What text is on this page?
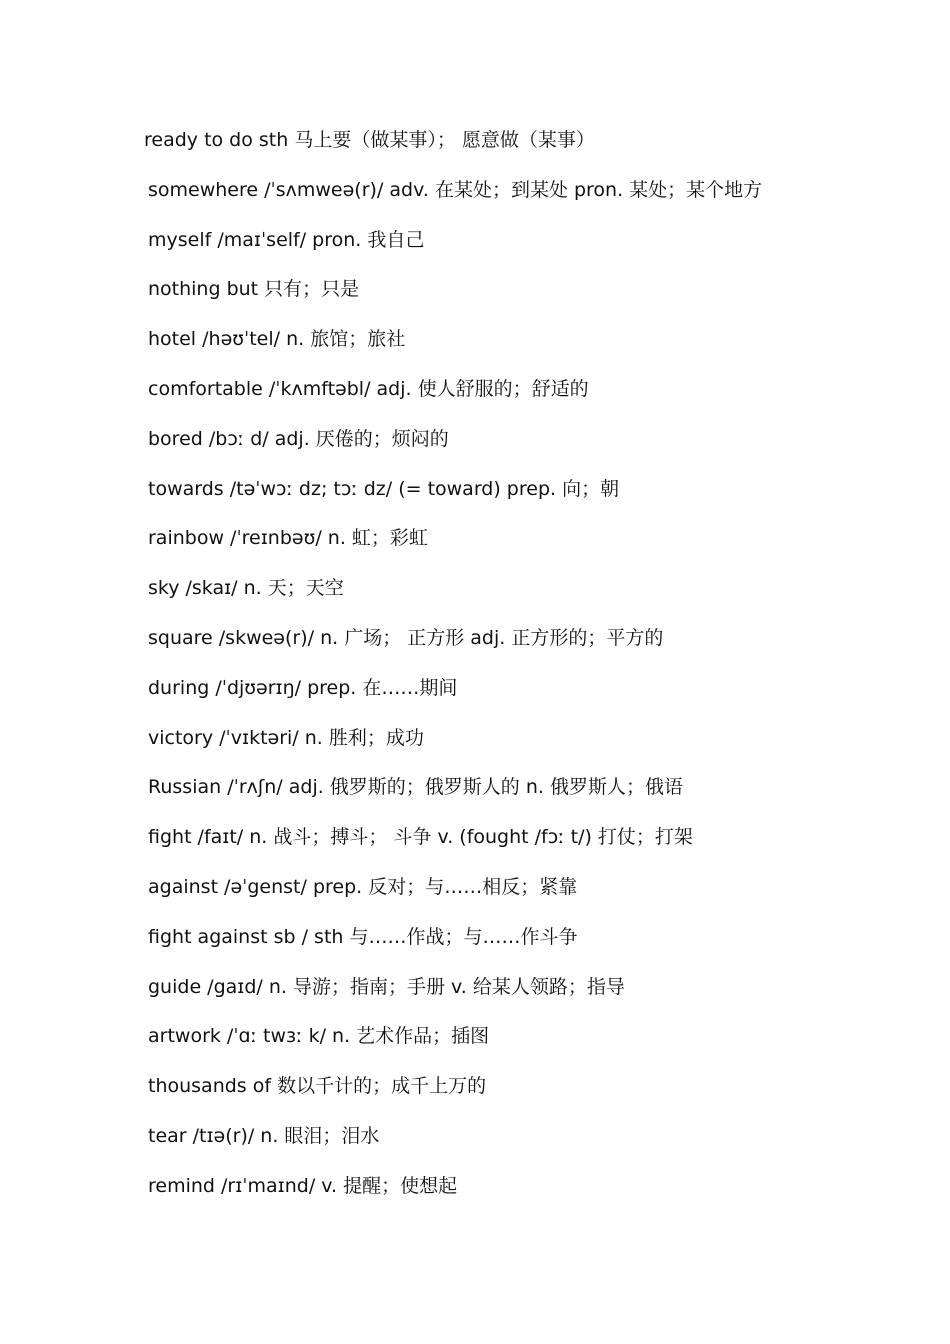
ready to do sth 马上要（做某事）； 愿意做（某事）
somewhere /ˈsʌmweə(r)/ adv. 在某处；到某处 pron. 某处；某个地方
myself /maɪˈself/ pron. 我自己
nothing but 只有；只是
hotel /həʊˈtel/ n. 旅馆；旅社
comfortable /ˈkʌmftəbl/ adj. 使人舒服的；舒适的
bored /bɔː d/ adj. 厌倦的；烦闷的
towards /təˈwɔː dz; tɔː dz/ (= toward) prep. 向；朝
rainbow /ˈreɪnbəʊ/ n. 虹；彩虹
sky /skaɪ/ n. 天；天空
square /skweə(r)/ n. 广场； 正方形 adj. 正方形的；平方的
during /ˈdjʊərɪŋ/ prep. 在……期间
victory /ˈvɪktəri/ n. 胜利；成功
Russian /ˈrʌʃn/ adj. 俄罗斯的；俄罗斯人的 n. 俄罗斯人；俄语
fight /faɪt/ n. 战斗；搏斗； 斗争 v. (fought /fɔː t/) 打仗；打架
against /əˈgenst/ prep. 反对；与……相反；紧靠
fight against sb / sth 与……作战；与……作斗争
guide /gaɪd/ n. 导游；指南；手册 v. 给某人领路；指导
artwork /ˈɑː twɜː k/ n. 艺术作品；插图
thousands of 数以千计的；成千上万的
tear /tɪə(r)/ n. 眼泪；泪水
remind /rɪˈmaɪnd/ v. 提醒；使想起
